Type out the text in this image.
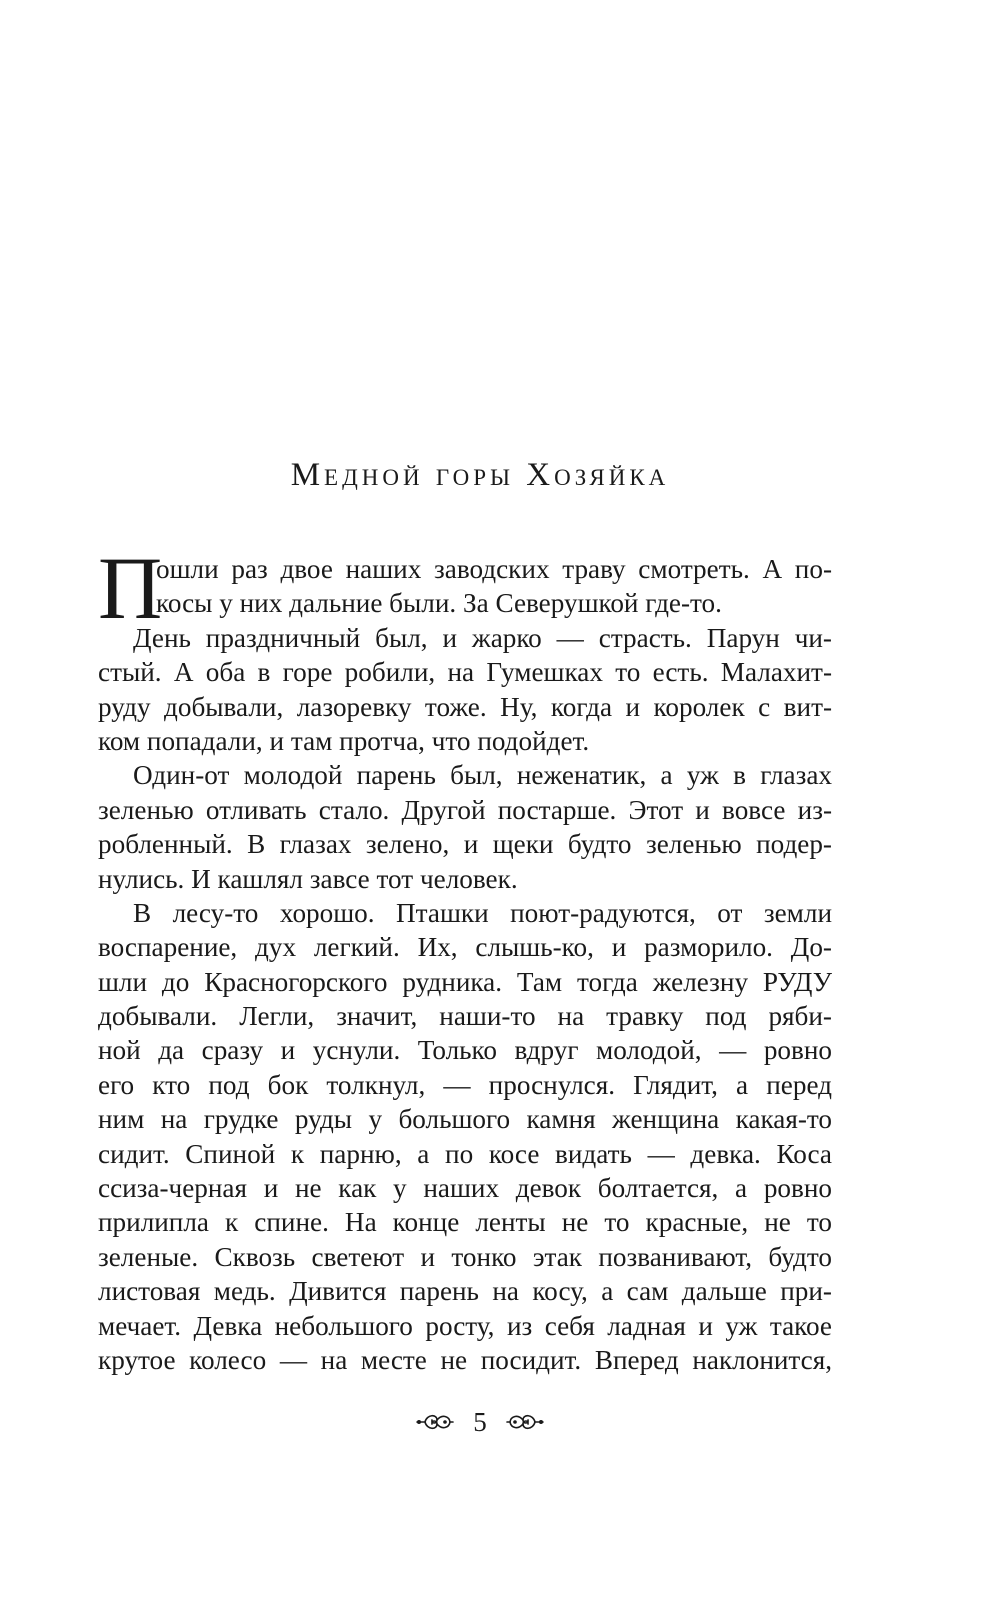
Медной горы Хозяйка
П
ошли раз двое наших заводских траву смотреть. А по-
косы у них дальние были. За Северушкой где-то.
День праздничный был, и жарко — страсть. Парун чи-
стый. А оба в горе робили, на Гумешках то есть. Малахит-
руду добывали, лазоревку тоже. Ну, когда и королек с вит-
ком попадали, и там протча, что подойдет.
Один-от молодой парень был, неженатик, а уж в глазах
зеленью отливать стало. Другой постарше. Этот и вовсе из-
робленный. В глазах зелено, и щеки будто зеленью подер-
нулись. И кашлял завсе тот человек.
В лесу-то хорошо. Пташки поют-радуются, от земли
воспарение, дух легкий. Их, слышь-ко, и разморило. До-
шли до Красногорского рудника. Там тогда железну РУДУ
добывали. Легли, значит, наши-то на травку под ряби-
ной да сразу и уснули. Только вдруг молодой, — ровно
его кто под бок толкнул, — проснулся. Глядит, а перед
ним на грудке руды у большого камня женщина какая-то
сидит. Спиной к парню, а по косе видать — девка. Коса
ссиза-черная и не как у наших девок болтается, а ровно
прилипла к спине. На конце ленты не то красные, не то
зеленые. Сквозь светеют и тонко этак позванивают, будто
листовая медь. Дивится парень на косу, а сам дальше при-
мечает. Девка небольшого росту, из себя ладная и уж такое
крутое колесо — на месте не посидит. Вперед наклонится,
5
